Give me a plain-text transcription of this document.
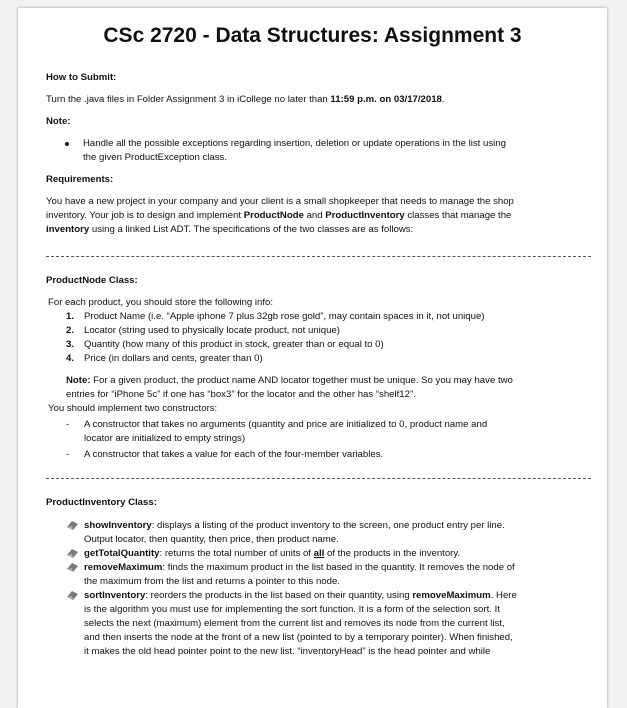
CSc 2720 - Data Structures: Assignment 3
How to Submit:
Turn the .java files in Folder Assignment 3 in iCollege no later than 11:59 p.m. on 03/17/2018.
Note:
Handle all the possible exceptions regarding insertion, deletion or update operations in the list using
the given ProductException class.
Requirements:
You have a new project in your company and your client is a small shopkeeper that needs to manage the shop
inventory. Your job is to design and implement ProductNode and ProductInventory classes that manage the
inventory using a linked List ADT. The specifications of the two classes are as follows:
ProductNode Class:
For each product, you should store the following info:
1. Product Name (i.e. “Apple iphone 7 plus 32gb rose gold”, may contain spaces in it, not unique)
2. Locator (string used to physically locate product, not unique)
3. Quantity (how many of this product in stock, greater than or equal to 0)
4. Price (in dollars and cents, greater than 0)
Note: For a given product, the product name AND locator together must be unique. So you may have two
entries for “iPhone 5c” if one has “box3” for the locator and the other has “shelf12”.
You should implement two constructors:
- A constructor that takes no arguments (quantity and price are initialized to 0, product name and
locator are initialized to empty strings)
- A constructor that takes a value for each of the four-member variables.
ProductInventory Class:
showInventory: displays a listing of the product inventory to the screen, one product entry per line.
Output locator, then quantity, then price, then product name.
getTotalQuantity: returns the total number of units of all of the products in the inventory.
removeMaximum: finds the maximum product in the list based in the quantity. It removes the node of
the maximum from the list and returns a pointer to this node.
sortInventory: reorders the products in the list based on their quantity, using removeMaximum. Here
is the algorithm you must use for implementing the sort function. It is a form of the selection sort. It
selects the next (maximum) element from the current list and removes its node from the current list,
and then inserts the node at the front of a new list (pointed to by a temporary pointer). When finished,
it makes the old head pointer point to the new list. “inventoryHead” is the head pointer and while
